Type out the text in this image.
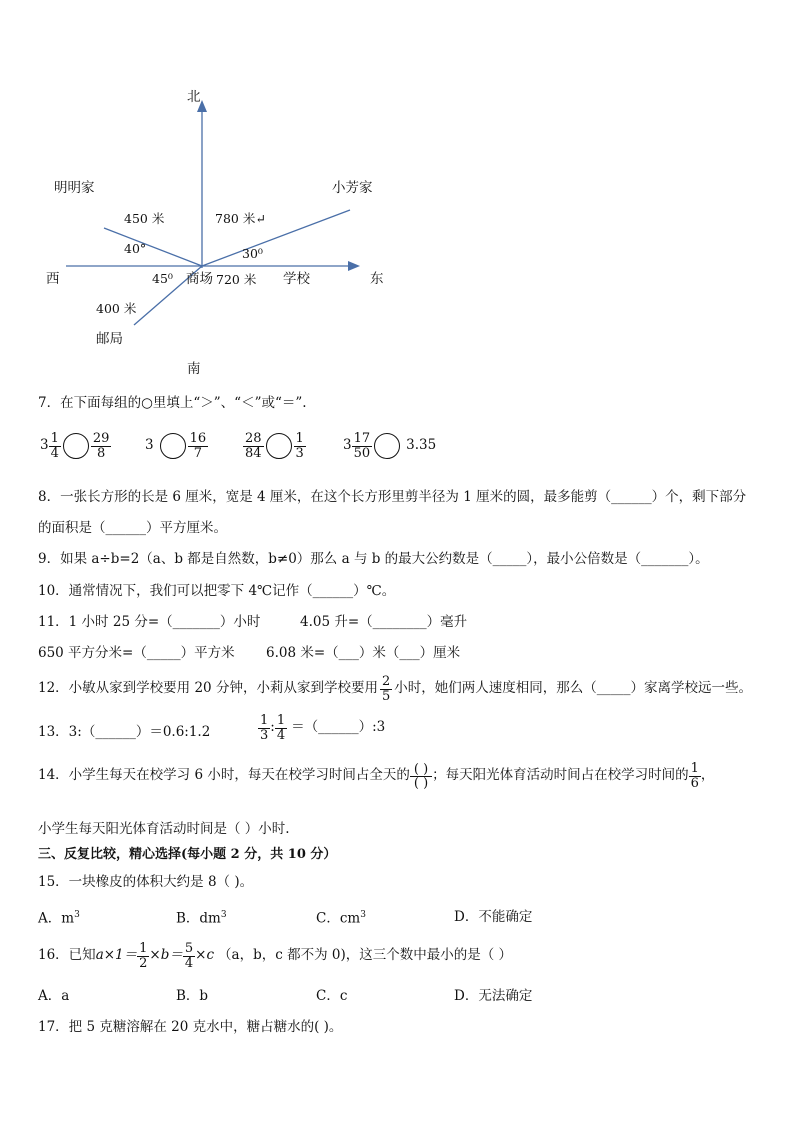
北
明明家	小芳家
450 米	780 米↵
40°	30⁰
西	45⁰ 商场 720 米 学校	东
400 米
邮局
南
7．在下面每组的○里填上“＞”、“＜”或“＝”.
$3 \frac{1}{4} \frac{29}{8} 3$	$\frac{16}{7}$	$\frac{28}{84} \frac{1}{3}$	$3 \frac{17}{50}$	3.35
8．一张长方形的长是 6 厘米，宽是 4 厘米，在这个长方形里剪半径为 1 厘米的圆，最多能剪（______）个，剩下部分
的面积是（______）平方厘米。
9．如果 a÷b=2（a、b 都是自然数，b≠0）那么 a 与 b 的最大公约数是（_____），最小公倍数是（_______）。
10．通常情况下，我们可以把零下 4℃记作（______）℃。
11．1 小时 25 分=（_______）小时	4.05 升=（________）毫升
650 平方分米=（_____）平方米 6.08 米=（___）米（___）厘米
12．小敏从家到学校要用 20 分钟，小莉从家到学校要用 $\frac{2}{5}$ 小时，她们两人速度相同，那么（_____）家离学校远一些。
13．3:（______）＝0.6:1.2	$\frac{1}{3}$ : $\frac{1}{4}$ ＝（______）:3
14．小学生每天在校学习 6 小时，每天在校学习时间占全天的 $\frac{( )}{( )}$ ；每天阳光体育活动时间占在校学习时间的 $\frac{1}{6}$ ，
小学生每天阳光体育活动时间是（ ）小时.
三、反复比较，精心选择(每小题 2 分，共 10 分）
15．一块橡皮的体积大约是 8（ )。
A．$m^3$	B．$dm^3$	C．$cm^3$	D．不能确定
16．已知 $a\times 1= \frac{1}{2} \times b= \frac{5}{4} \times c$ （a，b，c 都不为 0)，这三个数中最小的是（ ）
A．a	B．b	C．c	D．无法确定
17．把 5 克糖溶解在 20 克水中，糖占糖水的( )。
